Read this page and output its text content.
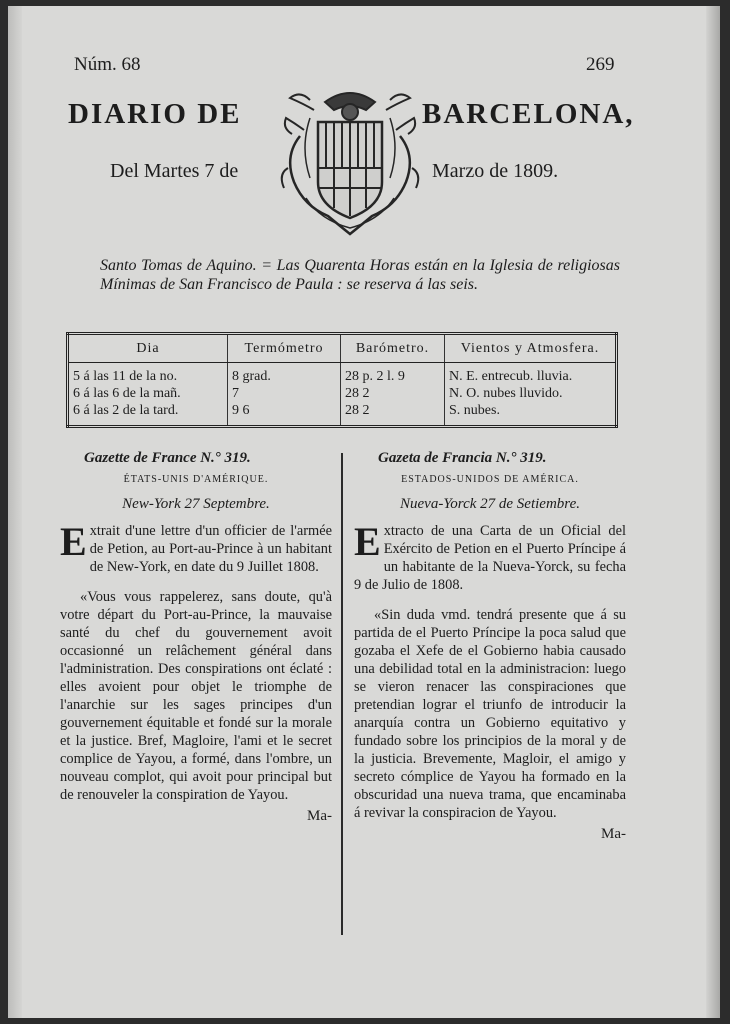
Núm. 68	269
DIARIO DE	BARCELONA,
Del Martes 7 de	Marzo de 1809.
Santo Tomas de Aquino. = Las Quarenta Horas están en la Iglesia de religiosas Mínimas de San Francisco de Paula : se reserva á las seis.
Dia	Termómetro	Barómetro.	Vientos y Atmosfera.
5 á las 11 de la no.	8 grad.	28 p. 2 l. 9	N. E. entrecub. lluvia.
6 á las 6 de la mañ.	7	28 2	N. O. nubes lluvido.
6 á las 2 de la tard.	9 6	28 2	S. nubes.
Gazette de France N.° 319.
ÉTATS-UNIS D'AMÉRIQUE.
New-York 27 Septembre.

Extrait d'une lettre d'un officier de l'armée de Petion, au Port-au-Prince à un habitant de New-York, en date du 9 Juillet 1808.

«Vous vous rappelerez, sans doute, qu'à votre départ du Port-au-Prince, la mauvaise santé du chef du gouvernement avoit occasionné un relâchement général dans l'administration. Des conspirations ont éclaté : elles avoient pour objet le triomphe de l'anarchie sur les sages principes d'un gouvernement équitable et fondé sur la morale et la justice. Bref, Magloire, l'ami et le secret complice de Yayou, a formé, dans l'ombre, un nouveau complot, qui avoit pour principal but de renouveler la conspiration de Yayou.

Ma-
Gazeta de Francia N.° 319.
ESTADOS-UNIDOS DE AMÉRICA.
Nueva-Yorck 27 de Setiembre.

Extracto de una Carta de un Oficial del Exército de Petion en el Puerto Príncipe á un habitante de la Nueva-Yorck, su fecha 9 de Julio de 1808.

«Sin duda vmd. tendrá presente que á su partida de el Puerto Príncipe la poca salud que gozaba el Xefe de el Gobierno habia causado una debilidad total en la administracion: luego se vieron renacer las conspiraciones que pretendian lograr el triunfo de introducir la anarquía contra un Gobierno equitativo y fundado sobre los principios de la moral y de la justicia. Brevemente, Magloir, el amigo y secreto cómplice de Yayou ha formado en la obscuridad una nueva trama, que encaminaba á revivar la conspiracion de Yayou.

Ma-
